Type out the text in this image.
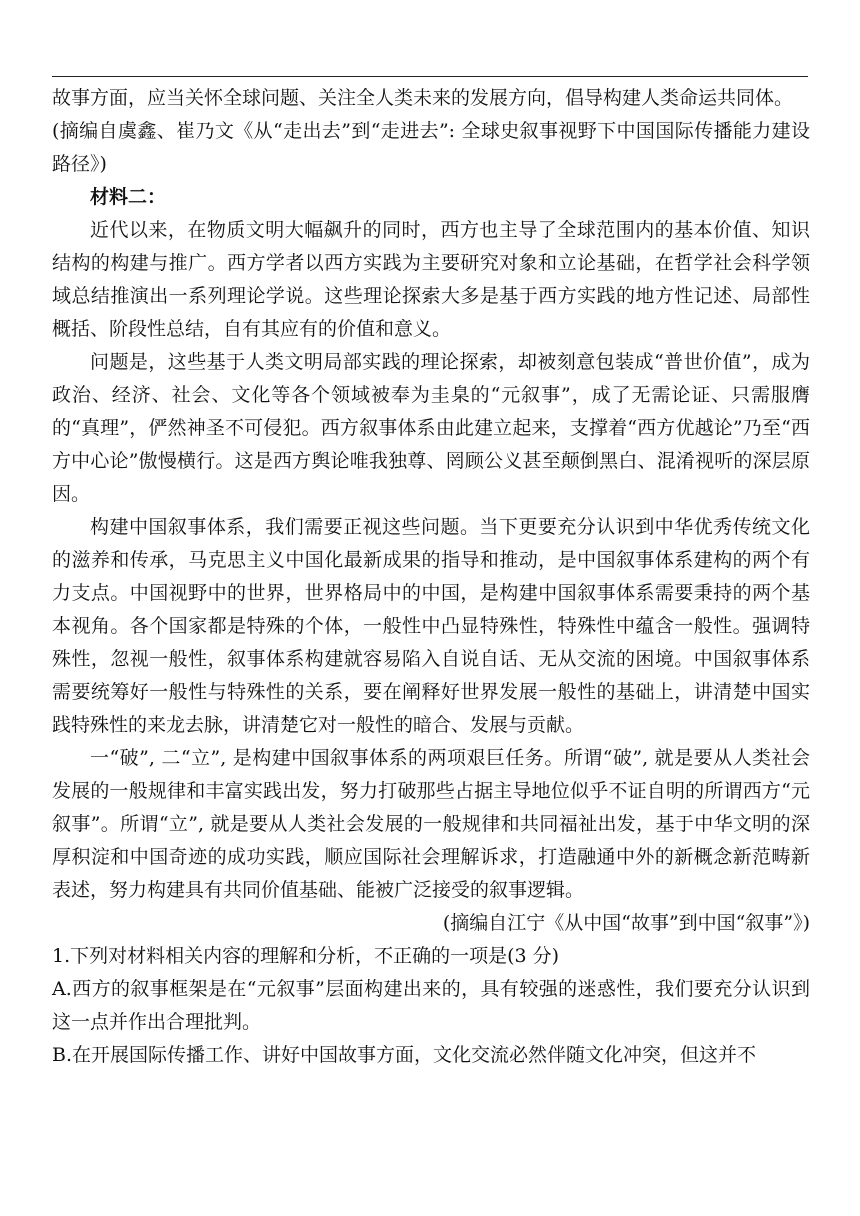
故事方面，应当关怀全球问题、关注全人类未来的发展方向，倡导构建人类命运共同体。

(摘编自虞鑫、崔乃文《从“走出去”到“走进去”: 全球史叙事视野下中国国际传播能力建设路径》)

材料二：

近代以来，在物质文明大幅飙升的同时，西方也主导了全球范围内的基本价值、知识结构的构建与推广。西方学者以西方实践为主要研究对象和立论基础，在哲学社会科学领域总结推演出一系列理论学说。这些理论探索大多是基于西方实践的地方性记述、局部性概括、阶段性总结，自有其应有的价值和意义。

问题是，这些基于人类文明局部实践的理论探索，却被刻意包装成“普世价值”，成为政治、经济、社会、文化等各个领域被奉为圭臬的“元叙事”，成了无需论证、只需服膺的“真理”，俨然神圣不可侵犯。西方叙事体系由此建立起来，支撑着“西方优越论”乃至“西方中心论”傲慢横行。这是西方舆论唯我独尊、罔顾公义甚至颠倒黑白、混淆视听的深层原因。

构建中国叙事体系，我们需要正视这些问题。当下更要充分认识到中华优秀传统文化的滋养和传承，马克思主义中国化最新成果的指导和推动，是中国叙事体系建构的两个有力支点。中国视野中的世界，世界格局中的中国，是构建中国叙事体系需要秉持的两个基本视角。各个国家都是特殊的个体，一般性中凸显特殊性，特殊性中蕴含一般性。强调特殊性，忽视一般性，叙事体系构建就容易陷入自说自话、无从交流的困境。中国叙事体系需要统筹好一般性与特殊性的关系，要在阐释好世界发展一般性的基础上，讲清楚中国实践特殊性的来龙去脉，讲清楚它对一般性的暗合、发展与贡献。

一“破”, 二“立”, 是构建中国叙事体系的两项艰巨任务。所谓“破”, 就是要从人类社会发展的一般规律和丰富实践出发，努力打破那些占据主导地位似乎不证自明的所谓西方“元叙事”。所谓“立”, 就是要从人类社会发展的一般规律和共同福祉出发，基于中华文明的深厚积淀和中国奇迹的成功实践，顺应国际社会理解诉求，打造融通中外的新概念新范畴新表述，努力构建具有共同价值基础、能被广泛接受的叙事逻辑。

(摘编自江宁《从中国“故事”到中国“叙事”》)

1.下列对材料相关内容的理解和分析，不正确的一项是(3 分)

A.西方的叙事框架是在“元叙事”层面构建出来的，具有较强的迷惑性，我们要充分认识到这一点并作出合理批判。

B.在开展国际传播工作、讲好中国故事方面，文化交流必然伴随文化冲突，但这并不
